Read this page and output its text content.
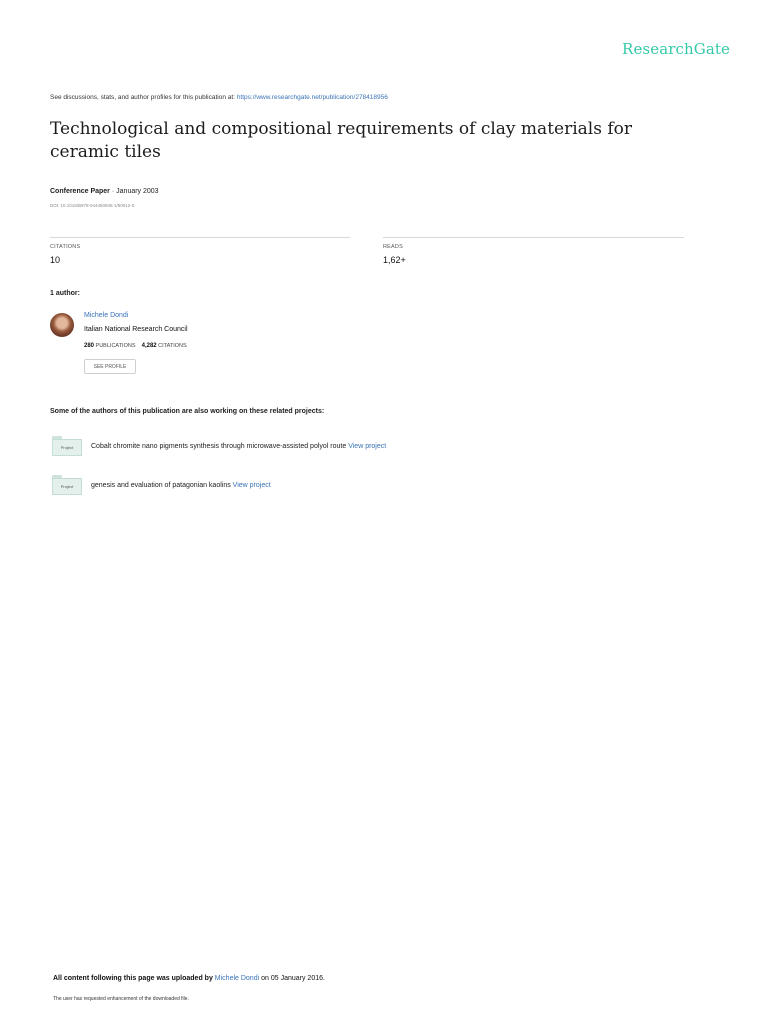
ResearchGate
See discussions, stats, and author profiles for this publication at: https://www.researchgate.net/publication/278418956
Technological and compositional requirements of clay materials for ceramic tiles
Conference Paper · January 2003
DOI: 10.1016/B978-044450945-1/50012-0
CITATIONS
10
READS
1,62+
1 author:
Michele Dondi
Italian National Research Council
280 PUBLICATIONS 4,282 CITATIONS
SEE PROFILE
Some of the authors of this publication are also working on these related projects:
Project	Cobalt chromite nano pigments synthesis through microwave-assisted polyol route View project
Project	genesis and evaluation of patagonian kaolins View project
All content following this page was uploaded by Michele Dondi on 05 January 2016.
The user has requested enhancement of the downloaded file.
